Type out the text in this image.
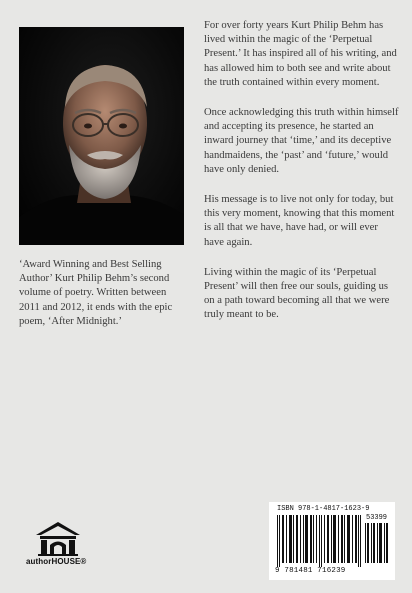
For over forty years Kurt Philip Behm has lived within the magic of the ‘Perpetual Present.’ It has inspired all of his writing, and has allowed him to both see and write about the truth contained within every moment.

Once acknowledging this truth within himself and accepting its presence, he started an inward journey that ‘time,’ and its deceptive handmaidens, the ‘past’ and ‘future,’ would have only denied.

His message is to live not only for today, but this very moment, knowing that this moment is all that we have, have had, or will ever have again.

Living within the magic of its ‘Perpetual Present’ will then free our souls, guiding us on a path toward becoming all that we were truly meant to be.

‘Award Winning and Best Selling Author’ Kurt Philip Behm’s second volume of poetry. Written between 2011 and 2012, it ends with the epic poem, ‘After Midnight.’

authorHOUSE®
ISBN 978-1-4817-1623-9
53399
9 781481 716239
